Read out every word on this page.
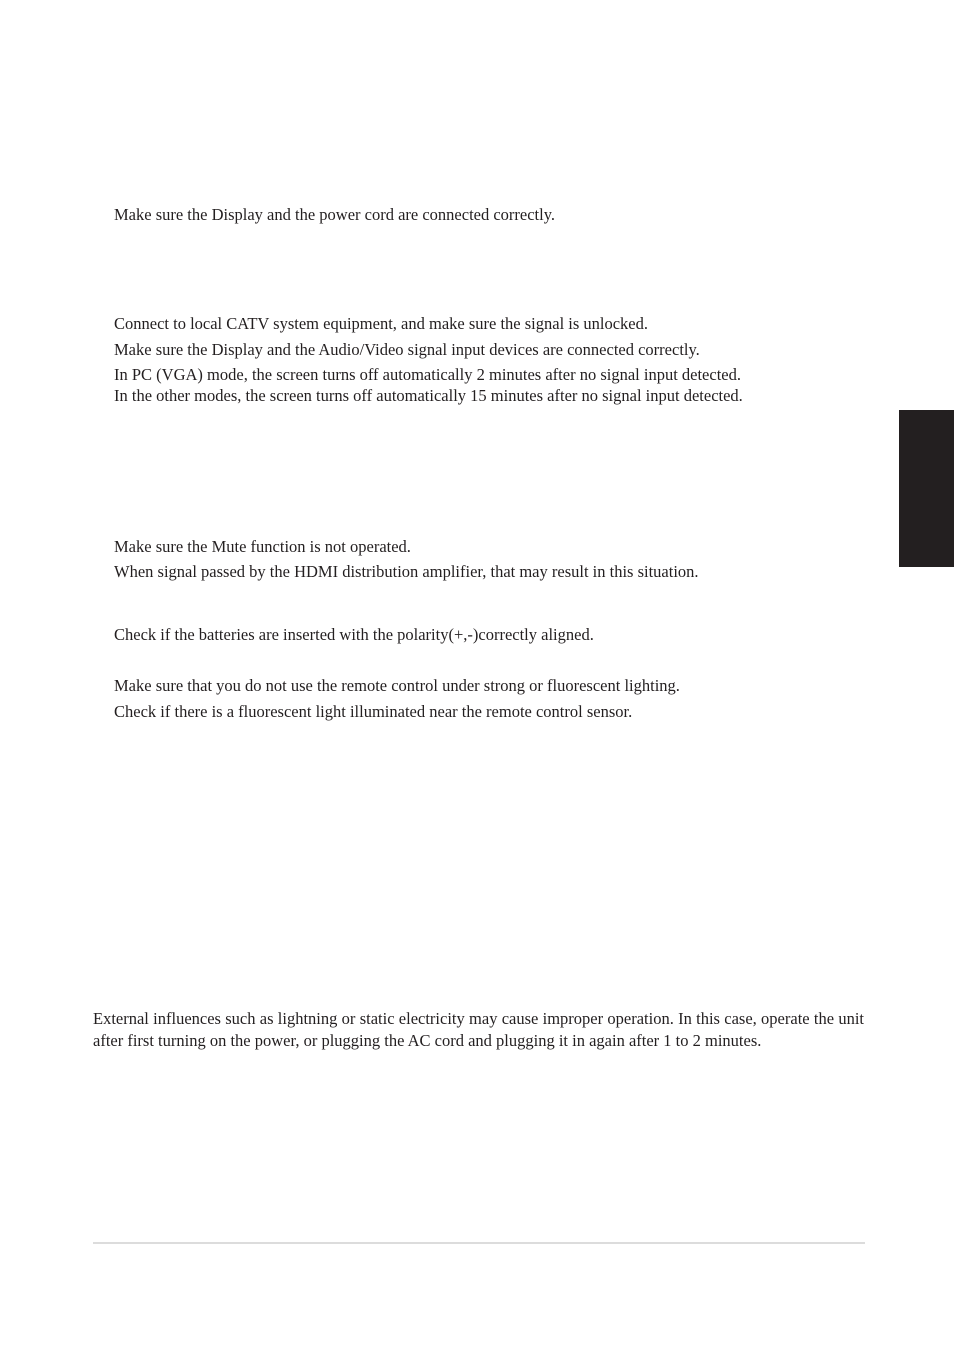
Make sure the Display and the power cord are connected correctly.
Connect to local CATV system equipment, and make sure the signal is unlocked.
Make sure the Display and the Audio/Video signal input devices are connected correctly.
In PC (VGA) mode, the screen turns off automatically 2 minutes after no signal input detected.
In the other modes, the screen turns off automatically 15 minutes after no signal input detected.
Make sure the Mute function is not operated.
When signal passed by the HDMI distribution amplifier, that may result in this situation.
Check if the batteries are inserted with the polarity(+,-)correctly aligned.
Make sure that you do not use the remote control under strong or fluorescent lighting.
Check if there is a fluorescent light illuminated near the remote control sensor.
External influences such as lightning or static electricity may cause improper operation. In this case, operate the unit after first turning on the power, or plugging the AC cord and plugging it in again after 1 to 2 minutes.
